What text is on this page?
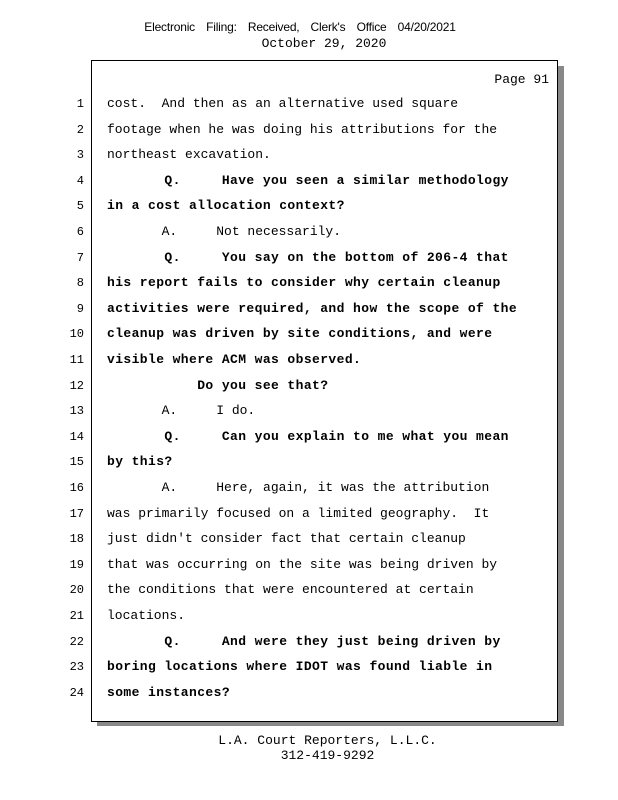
Electronic Filing: Received, Clerk's Office 04/20/2021
October 29, 2020
Page 91
1 cost.  And then as an alternative used square
2 footage when he was doing his attributions for the
3 northeast excavation.
4 Q.     Have you seen a similar methodology
5 in a cost allocation context?
6 A.     Not necessarily.
7 Q.     You say on the bottom of 206-4 that
8 his report fails to consider why certain cleanup
9 activities were required, and how the scope of the
10 cleanup was driven by site conditions, and were
11 visible where ACM was observed.
12 Do you see that?
13 A.     I do.
14 Q.     Can you explain to me what you mean
15 by this?
16 A.     Here, again, it was the attribution
17 was primarily focused on a limited geography.  It
18 just didn't consider fact that certain cleanup
19 that was occurring on the site was being driven by
20 the conditions that were encountered at certain
21 locations.
22 Q.     And were they just being driven by
23 boring locations where IDOT was found liable in
24 some instances?
L.A. Court Reporters, L.L.C.
312-419-9292
